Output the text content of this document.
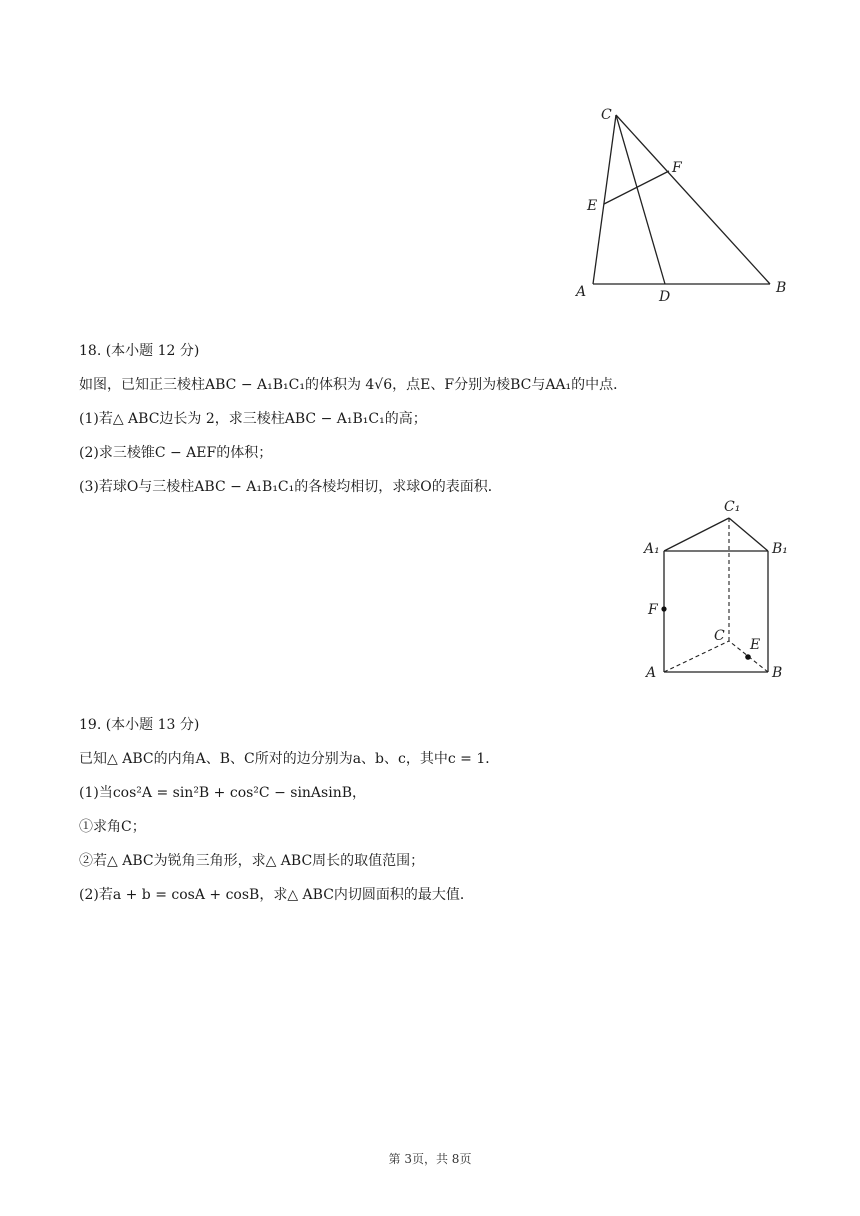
C
F
E
A	D
B
18. (本小题 12 分)
如图，已知正三棱柱ABC − A₁B₁C₁的体积为 4√6，点E、F分别为棱BC与AA₁的中点．
(1)若△ ABC边长为 2，求三棱柱ABC − A₁B₁C₁的高；
(2)求三棱锥C − AEF的体积；
(3)若球O与三棱柱ABC − A₁B₁C₁的各棱均相切，求球O的表面积．
C₁
A₁	B₁
F
C
E
A	B
19. (本小题 13 分)
已知△ ABC的内角A、B、C所对的边分别为a、b、c，其中c = 1．
(1)当cos²A = sin²B + cos²C − sinAsinB，
①求角C；
②若△ ABC为锐角三角形，求△ ABC周长的取值范围；
(2)若a + b = cosA + cosB，求△ ABC内切圆面积的最大值．
第 3页，共 8页
